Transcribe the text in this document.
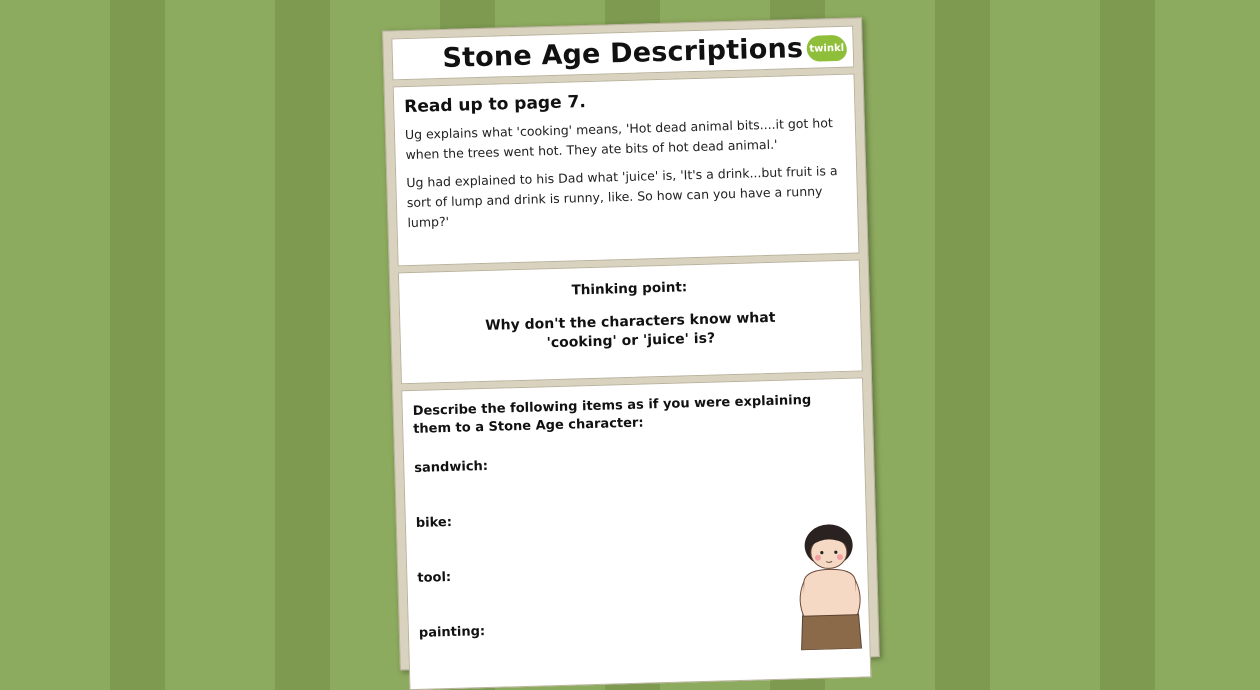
Stone Age Descriptions twinkl
Read up to page 7.

Ug explains what 'cooking' means, 'Hot dead animal bits....it got hot when the trees went hot. They ate bits of hot dead animal.'

Ug had explained to his Dad what 'juice' is, 'It's a drink...but fruit is a sort of lump and drink is runny, like. So how can you have a runny lump?'

Thinking point:
Why don't the characters know what 'cooking' or 'juice' is?
Describe the following items as if you were explaining them to a Stone Age character:
sandwich:
bike:
tool:
painting:
